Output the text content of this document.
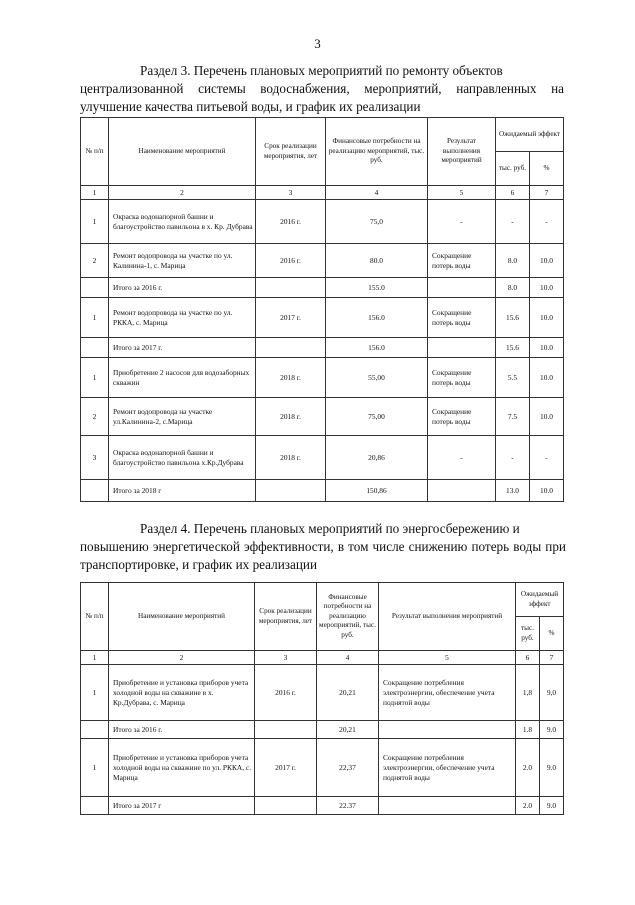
3
Раздел 3. Перечень плановых мероприятий по ремонту объектов
централизованной системы водоснабжения, мероприятий, направленных на улучшение качества питьевой воды, и график их реализации
№ п/п	Наименование мероприятий	Срок реализации мероприятия, лет	Финансовые потребности на реализацию мероприятий, тыс. руб.	Результат выполнения мероприятий	Ожидаемый эффект	
					тыс. руб.	%
1	2	3	4	5	6	7
1	Окраска водонапорной башни и благоустройство павильона в х. Кр. Дубрава	2016 г.	75,0	-	-	-
2	Ремонт водопровода на участке по ул. Калинина-1, с. Марица	2016 г.	80.0	Сокращение потерь воды	8.0	10.0
	Итого за 2016 г.		155.0		8.0	10.0
1	Ремонт водопровода на участке по ул. РККА, с. Марица	2017 г.	156.0	Сокращение потерь воды	15.6	10.0
	Итого за 2017 г.		156.0		15.6	10.0
1	Приобретение 2 насосов для водозаборных скважин	2018 г.	55,00	Сокращение потерь воды	5.5	10.0
2	Ремонт водопровода на участке ул.Калинина-2, с.Марица	2018 г.	75,00	Сокращение потерь воды	7.5	10.0
3	Окраска водонапорной башни и благоустройство павильона х.Кр.Дубрава	2018 г.	20,86	-	-	-
	Итого за 2018 г		150,86		13.0	10.0
Раздел 4. Перечень плановых мероприятий по энергосбережению и
повышению энергетической эффективности, в том числе снижению потерь воды при транспортировке, и график их реализации
№ п/п	Наименование мероприятий	Срок реализации мероприятия, лет	Финансовые потребности на реализацию мероприятий, тыс. руб.	Результат выполнения мероприятий	Ожидаемый эффект	
					тыс. руб.	%
1	2	3	4	5	6	7
1	Приобретение и установка приборов учета холодной воды на скважине в х. Кр.Дубрава, с. Марица	2016 г.	20,21	Сокращение потребления электроэнергии, обеспечение учета поднятой воды	1,8	9,0
	Итого за 2016 г.		20,21		1.8	9.0
1	Приобретение и установка приборов учета холодной воды на скважине по ул. РККА, с. Марица	2017 г.	22,37	Сокращение потребления электроэнергии, обеспечение учета поднятой воды	2.0	9.0
	Итого за 2017 г		22.37		2.0	9.0
